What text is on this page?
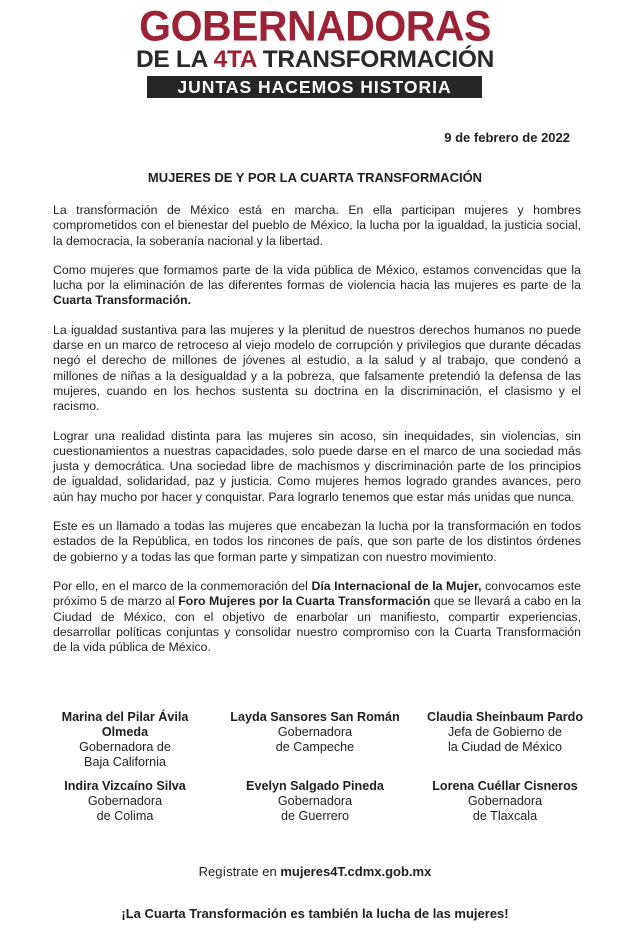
GOBERNADORAS
DE LA 4TA TRANSFORMACIÓN
JUNTAS HACEMOS HISTORIA
9 de febrero de 2022
MUJERES DE Y POR LA CUARTA TRANSFORMACIÓN

La transformación de México está en marcha. En ella participan mujeres y hombres comprometidos con el bienestar del pueblo de México, la lucha por la igualdad, la justicia social, la democracia, la soberanía nacional y la libertad.

Como mujeres que formamos parte de la vida pública de México, estamos convencidas que la lucha por la eliminación de las diferentes formas de violencia hacia las mujeres es parte de la Cuarta Transformación.

La igualdad sustantiva para las mujeres y la plenitud de nuestros derechos humanos no puede darse en un marco de retroceso al viejo modelo de corrupción y privilegios que durante décadas negó el derecho de millones de jóvenes al estudio, a la salud y al trabajo, que condenó a millones de niñas a la desigualdad y a la pobreza, que falsamente pretendió la defensa de las mujeres, cuando en los hechos sustenta su doctrina en la discriminación, el clasismo y el racismo.

Lograr una realidad distinta para las mujeres sin acoso, sin inequidades, sin violencias, sin cuestionamientos a nuestras capacidades, solo puede darse en el marco de una sociedad más justa y democrática. Una sociedad libre de machismos y discriminación parte de los principios de igualdad, solidaridad, paz y justicia. Como mujeres hemos logrado grandes avances, pero aún hay mucho por hacer y conquistar. Para lograrlo tenemos que estar más unidas que nunca.

Este es un llamado a todas las mujeres que encabezan la lucha por la transformación en todos estados de la República, en todos los rincones de país, que son parte de los distintos órdenes de gobierno y a todas las que forman parte y simpatizan con nuestro movimiento.

Por ello, en el marco de la conmemoración del Día Internacional de la Mujer, convocamos este próximo 5 de marzo al Foro Mujeres por la Cuarta Transformación que se llevará a cabo en la Ciudad de México, con el objetivo de enarbolar un manifiesto, compartir experiencias, desarrollar políticas conjuntas y consolidar nuestro compromiso con la Cuarta Transformación de la vida pública de México.

Marina del Pilar Ávila
Olmeda
Gobernadora de
Baja California
Layda Sansores San Román
Gobernadora
de Campeche
Claudia Sheinbaum Pardo
Jefa de Gobierno de
la Ciudad de México
Indira Vizcaíno Silva
Gobernadora
de Colima
Evelyn Salgado Pineda
Gobernadora
de Guerrero
Lorena Cuéllar Cisneros
Gobernadora
de Tlaxcala
Regístrate en mujeres4T.cdmx.gob.mx
¡La Cuarta Transformación es también la lucha de las mujeres!
